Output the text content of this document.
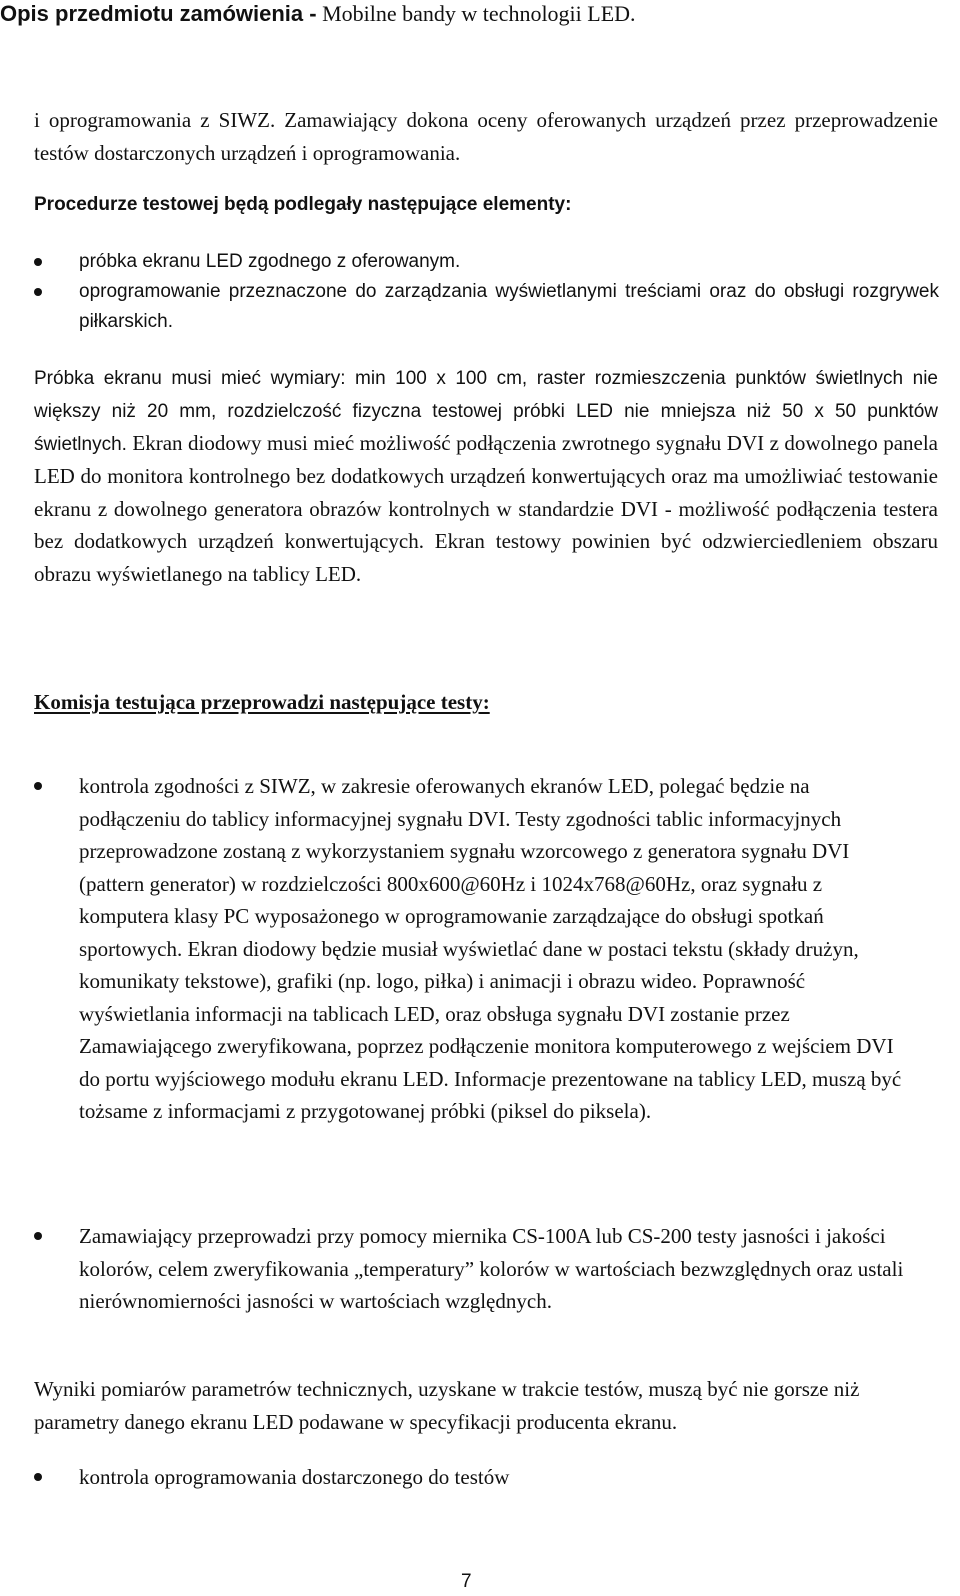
Opis przedmiotu zamówienia - Mobilne bandy w technologii LED.
i oprogramowania z SIWZ. Zamawiający dokona oceny oferowanych urządzeń przez przeprowadzenie testów dostarczonych urządzeń i oprogramowania.
Procedurze testowej będą podlegały następujące elementy:
próbka ekranu LED zgodnego z oferowanym.
oprogramowanie przeznaczone do zarządzania wyświetlanymi treściami oraz do obsługi rozgrywek piłkarskich.
Próbka ekranu musi mieć wymiary: min 100 x 100 cm, raster rozmieszczenia punktów świetlnych nie większy niż 20 mm, rozdzielczość fizyczna testowej próbki LED nie mniejsza niż 50 x 50 punktów świetlnych. Ekran diodowy musi mieć możliwość podłączenia zwrotnego sygnału DVI z dowolnego panela LED do monitora kontrolnego bez dodatkowych urządzeń konwertujących oraz ma umożliwiać testowanie ekranu z dowolnego generatora obrazów kontrolnych w standardzie DVI - możliwość podłączenia testera bez dodatkowych urządzeń konwertujących. Ekran testowy powinien być odzwierciedleniem obszaru obrazu wyświetlanego na tablicy LED.
Komisja testująca przeprowadzi następujące testy:
kontrola zgodności z SIWZ, w zakresie oferowanych ekranów LED, polegać będzie na podłączeniu do tablicy informacyjnej sygnału DVI. Testy zgodności tablic informacyjnych przeprowadzone zostaną z wykorzystaniem sygnału wzorcowego z generatora sygnału DVI (pattern generator) w rozdzielczości 800x600@60Hz i 1024x768@60Hz, oraz sygnału z komputera klasy PC wyposażonego w oprogramowanie zarządzające do obsługi spotkań sportowych. Ekran diodowy będzie musiał wyświetlać dane w postaci tekstu (składy drużyn, komunikaty tekstowe), grafiki (np. logo, piłka) i animacji i obrazu wideo. Poprawność wyświetlania informacji na tablicach LED, oraz obsługa sygnału DVI zostanie przez Zamawiającego zweryfikowana, poprzez podłączenie monitora komputerowego z wejściem DVI do portu wyjściowego modułu ekranu LED. Informacje prezentowane na tablicy LED, muszą być tożsame z informacjami z przygotowanej próbki (piksel do piksela).
Zamawiający przeprowadzi przy pomocy miernika CS-100A lub CS-200 testy jasności i jakości kolorów, celem zweryfikowania „temperatury” kolorów w wartościach bezwzględnych oraz ustali nierównomierności jasności w wartościach względnych.
Wyniki pomiarów parametrów technicznych, uzyskane w trakcie testów, muszą być nie gorsze niż parametry danego ekranu LED podawane w specyfikacji producenta ekranu.
kontrola oprogramowania dostarczonego do testów
7
